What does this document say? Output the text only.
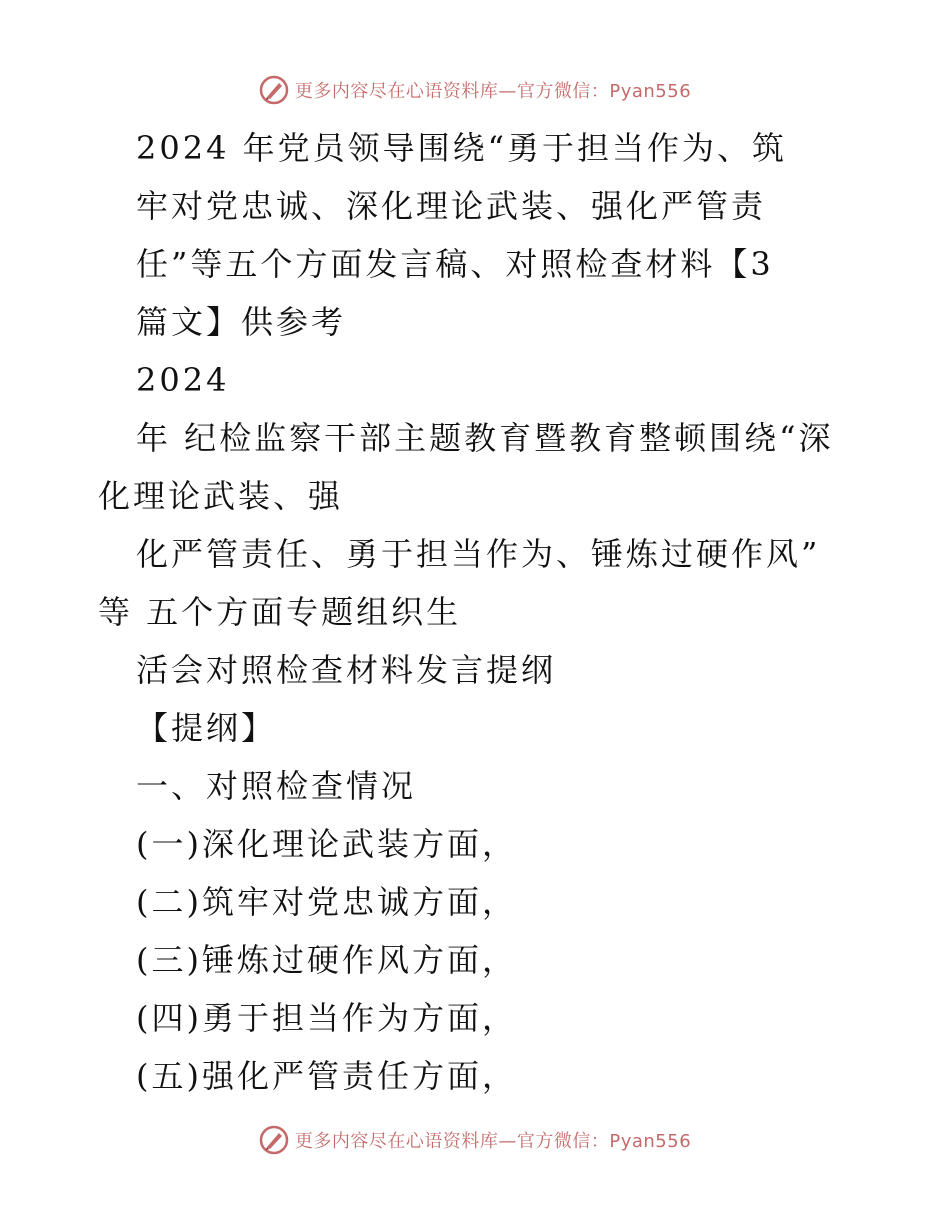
更多内容尽在心语资料库—官方微信：Pyan556
2024 年党员领导围绕“勇于担当作为、筑
牢对党忠诚、深化理论武装、强化严管责
任”等五个方面发言稿、对照检查材料【3
篇文】供参考
2024
年 纪检监察干部主题教育暨教育整顿围绕“深
化理论武装、强
化严管责任、勇于担当作为、锤炼过硬作风”
等 五个方面专题组织生
活会对照检查材料发言提纲
【提纲】
一、对照检查情况
(一)深化理论武装方面，
(二)筑牢对党忠诚方面，
(三)锤炼过硬作风方面，
(四)勇于担当作为方面，
(五)强化严管责任方面，
更多内容尽在心语资料库—官方微信：Pyan556
